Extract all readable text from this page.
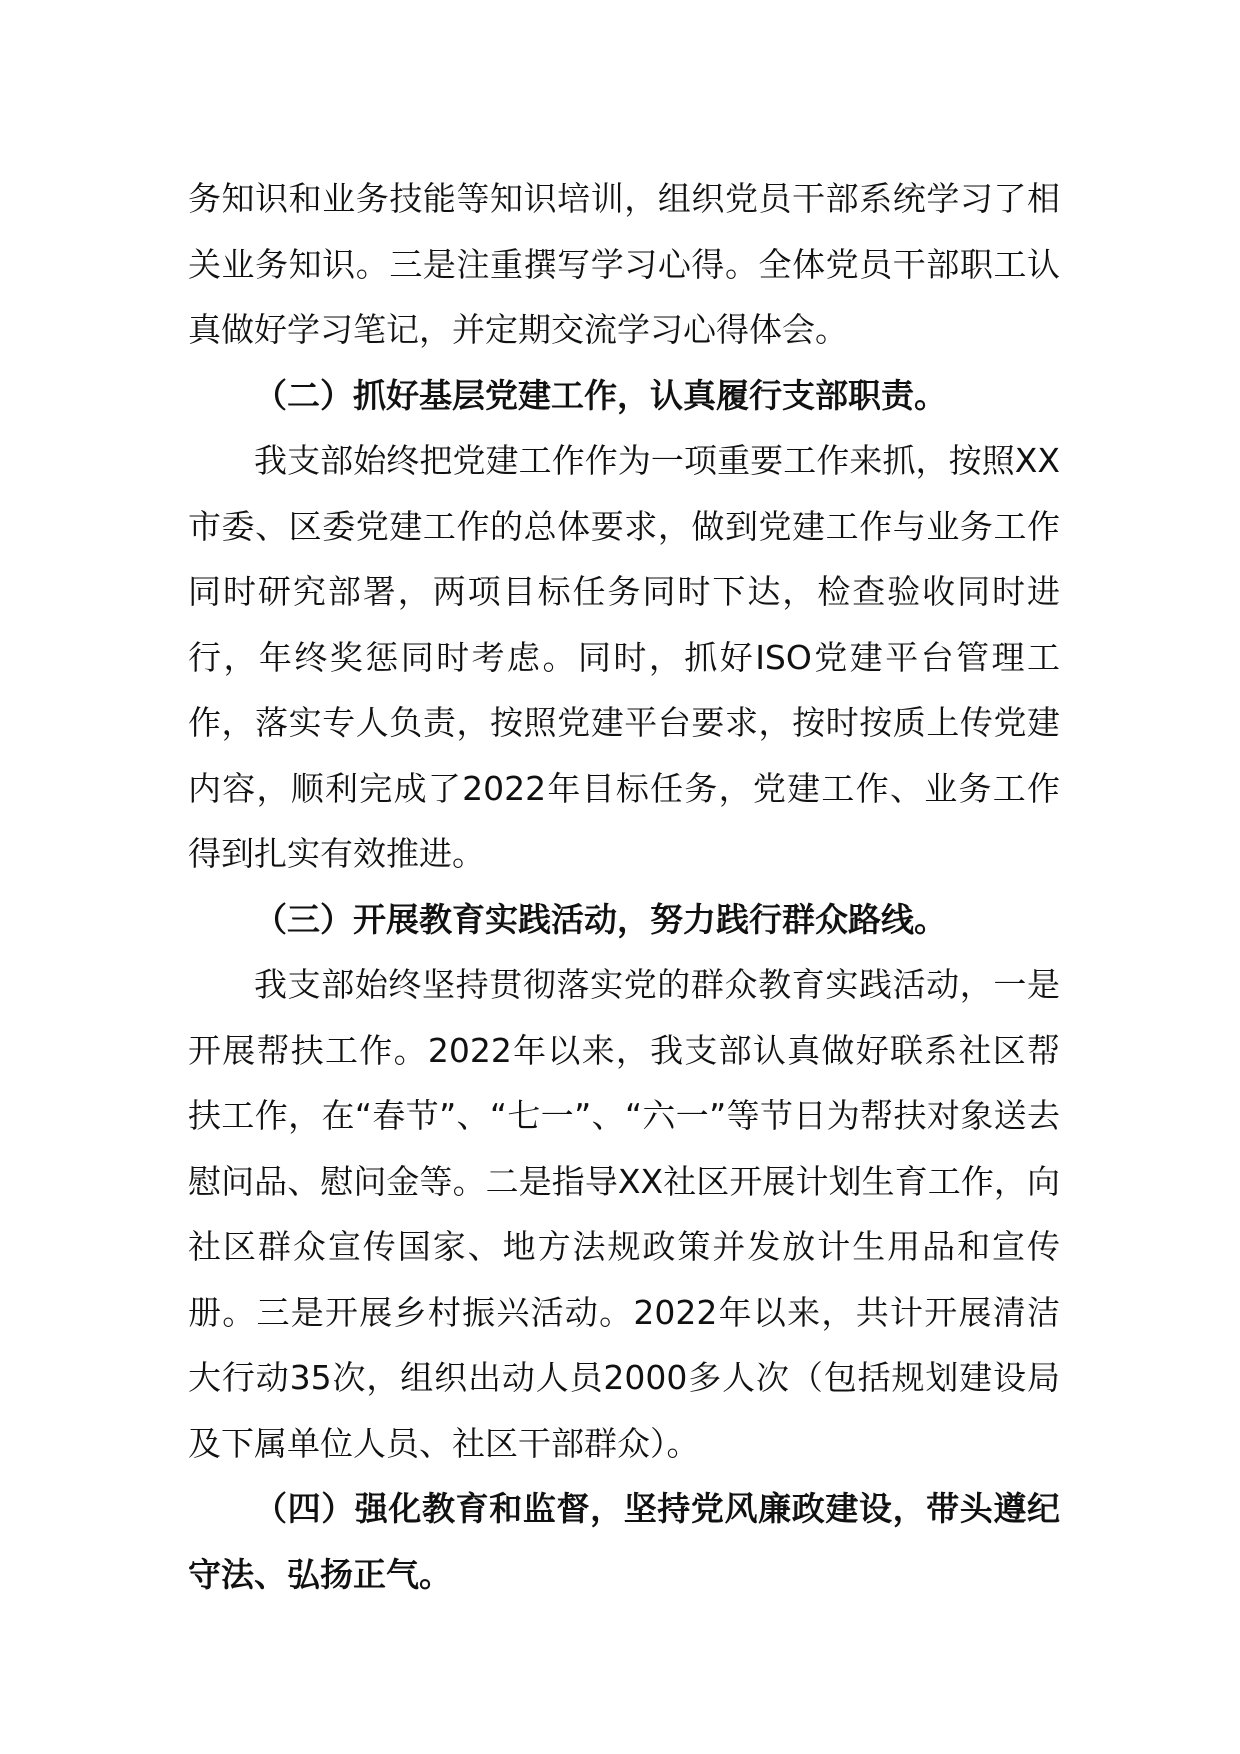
务知识和业务技能等知识培训，组织党员干部系统学习了相关业务知识。三是注重撰写学习心得。全体党员干部职工认真做好学习笔记，并定期交流学习心得体会。

（二）抓好基层党建工作，认真履行支部职责。

我支部始终把党建工作作为一项重要工作来抓，按照XX市委、区委党建工作的总体要求，做到党建工作与业务工作同时研究部署，两项目标任务同时下达，检查验收同时进行，年终奖惩同时考虑。同时，抓好ISO党建平台管理工作，落实专人负责，按照党建平台要求，按时按质上传党建内容，顺利完成了2022年目标任务，党建工作、业务工作得到扎实有效推进。

（三）开展教育实践活动，努力践行群众路线。

我支部始终坚持贯彻落实党的群众教育实践活动，一是开展帮扶工作。2022年以来，我支部认真做好联系社区帮扶工作，在“春节”、“七一”、“六一”等节日为帮扶对象送去慰问品、慰问金等。二是指导XX社区开展计划生育工作，向社区群众宣传国家、地方法规政策并发放计生用品和宣传册。三是开展乡村振兴活动。2022年以来，共计开展清洁大行动35次，组织出动人员2000多人次（包括规划建设局及下属单位人员、社区干部群众）。

（四）强化教育和监督，坚持党风廉政建设，带头遵纪守法、弘扬正气。
